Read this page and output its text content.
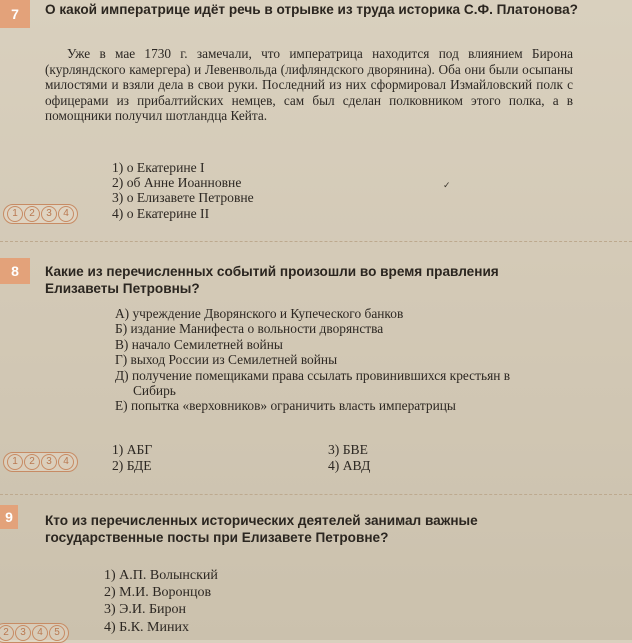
7	О какой императрице идёт речь в отрывке из труда историка С.Ф. Платонова?
Уже в мае 1730 г. замечали, что императрица находится под влиянием Бирона (курляндского камергера) и Левенвольда (лифляндского дворянина). Оба они были осыпаны милостями и взяли дела в свои руки. Последний из них сформировал Измайловский полк с офицерами из прибалтийских немцев, сам был сделан полковником этого полка, а в помощники получил шотландца Кейта.
1) о Екатерине I
2) об Анне Иоанновне
3) о Елизавете Петровне
4) о Екатерине II
1	2	3	4
✓
8	Какие из перечисленных событий произошли во время правления Елизаветы Петровны?
А) учреждение Дворянского и Купеческого банков
Б) издание Манифеста о вольности дворянства
В) начало Семилетней войны
Г) выход России из Семилетней войны
Д) получение помещиками права ссылать провинившихся крестьян в Сибирь
Е) попытка «верховников» ограничить власть императрицы
1) АБГ	3) БВЕ
2) БДЕ	4) АВД
1	2	3	4
9	Кто из перечисленных исторических деятелей занимал важные государственные посты при Елизавете Петровне?
1) А.П. Волынский
2) М.И. Воронцов
3) Э.И. Бирон
4) Б.К. Миних
2	3	4	5
